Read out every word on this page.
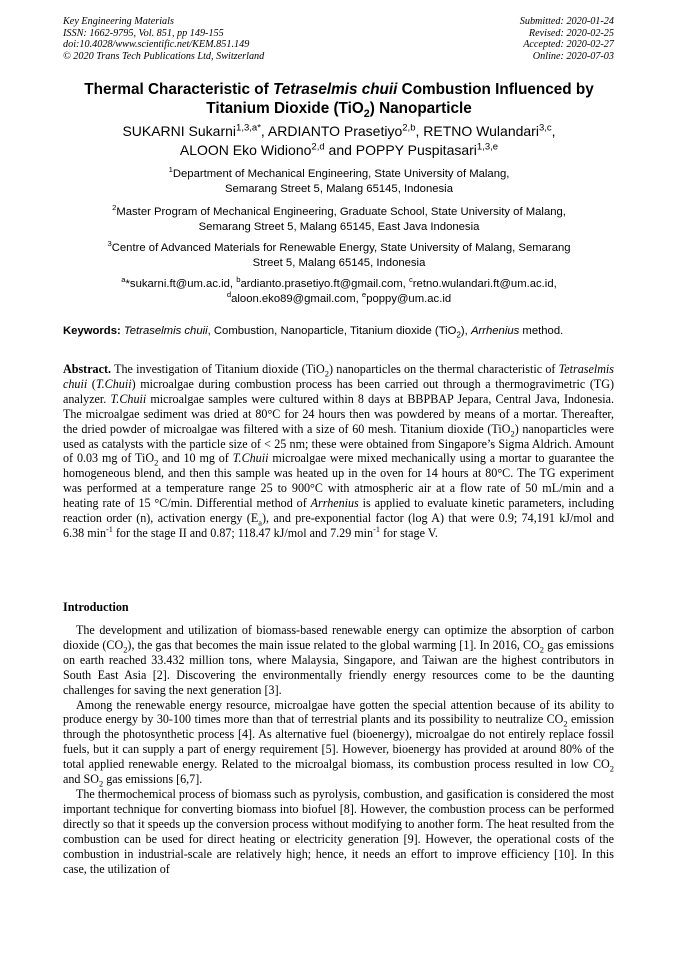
Key Engineering Materials
ISSN: 1662-9795, Vol. 851, pp 149-155
doi:10.4028/www.scientific.net/KEM.851.149
© 2020 Trans Tech Publications Ltd, Switzerland
Submitted: 2020-01-24
Revised: 2020-02-25
Accepted: 2020-02-27
Online: 2020-07-03
Thermal Characteristic of Tetraselmis chuii Combustion Influenced by
Titanium Dioxide (TiO$_2$) Nanoparticle
SUKARNI Sukarni$^{1,3,a*}$, ARDIANTO Prasetiyo$^{2,b}$, RETNO Wulandari$^{3,c}$,
ALOON Eko Widiono$^{2,d}$ and POPPY Puspitasari$^{1,3,e}$
$^1$Department of Mechanical Engineering, State University of Malang,
Semarang Street 5, Malang 65145, Indonesia
$^2$Master Program of Mechanical Engineering, Graduate School, State University of Malang,
Semarang Street 5, Malang 65145, East Java Indonesia
$^3$Centre of Advanced Materials for Renewable Energy, State University of Malang, Semarang
Street 5, Malang 65145, Indonesia
$^a$*sukarni.ft@um.ac.id, $^b$ardianto.prasetiyo.ft@gmail.com, $^c$retno.wulandari.ft@um.ac.id,
$^d$aloon.eko89@gmail.com, $^e$poppy@um.ac.id
Keywords: Tetraselmis chuii, Combustion, Nanoparticle, Titanium dioxide (TiO$_2$), Arrhenius method.
Abstract. The investigation of Titanium dioxide (TiO$_2$) nanoparticles on the thermal characteristic of Tetraselmis chuii (T.Chuii) microalgae during combustion process has been carried out through a thermogravimetric (TG) analyzer. T.Chuii microalgae samples were cultured within 8 days at BBPBAP Jepara, Central Java, Indonesia. The microalgae sediment was dried at 80°C for 24 hours then was powdered by means of a mortar. Thereafter, the dried powder of microalgae was filtered with a size of 60 mesh. Titanium dioxide (TiO$_2$) nanoparticles were used as catalysts with the particle size of < 25 nm; these were obtained from Singapore’s Sigma Aldrich. Amount of 0.03 mg of TiO$_2$ and 10 mg of T.Chuii microalgae were mixed mechanically using a mortar to guarantee the homogeneous blend, and then this sample was heated up in the oven for 14 hours at 80°C. The TG experiment was performed at a temperature range 25 to 900°C with atmospheric air at a flow rate of 50 mL/min and a heating rate of 15 °C/min. Differential method of Arrhenius is applied to evaluate kinetic parameters, including reaction order (n), activation energy $(E_a)$, and pre-exponential factor (log A) that were 0.9; 74,191 kJ/mol and 6.38 $\min^{-1}$ for the stage II and 0.87; 118.47 kJ/mol and 7.29 $\min^{-1}$ for stage V.
Introduction

The development and utilization of biomass-based renewable energy can optimize the absorption of carbon dioxide $(CO_2)$, the gas that becomes the main issue related to the global warming [1]. In 2016, $CO_2$ gas emissions on earth reached 33.432 million tons, where Malaysia, Singapore, and Taiwan are the highest contributors in South East Asia [2]. Discovering the environmentally friendly energy resources come to be the daunting challenges for saving the next generation [3].

Among the renewable energy resource, microalgae have gotten the special attention because of its ability to produce energy by 30-100 times more than that of terrestrial plants and its possibility to neutralize $CO_2$ emission through the photosynthetic process [4]. As alternative fuel (bioenergy), microalgae do not entirely replace fossil fuels, but it can supply a part of energy requirement [5]. However, bioenergy has provided at around 80% of the total applied renewable energy. Related to the microalgal biomass, its combustion process resulted in low $CO_2$ and $SO_2$ gas emissions [6,7].

The thermochemical process of biomass such as pyrolysis, combustion, and gasification is considered the most important technique for converting biomass into biofuel [8]. However, the combustion process can be performed directly so that it speeds up the conversion process without modifying to another form. The heat resulted from the combustion can be used for direct heating or electricity generation [9]. However, the operational costs of the combustion in industrial-scale are relatively high; hence, it needs an effort to improve efficiency [10]. In this case, the utilization of
